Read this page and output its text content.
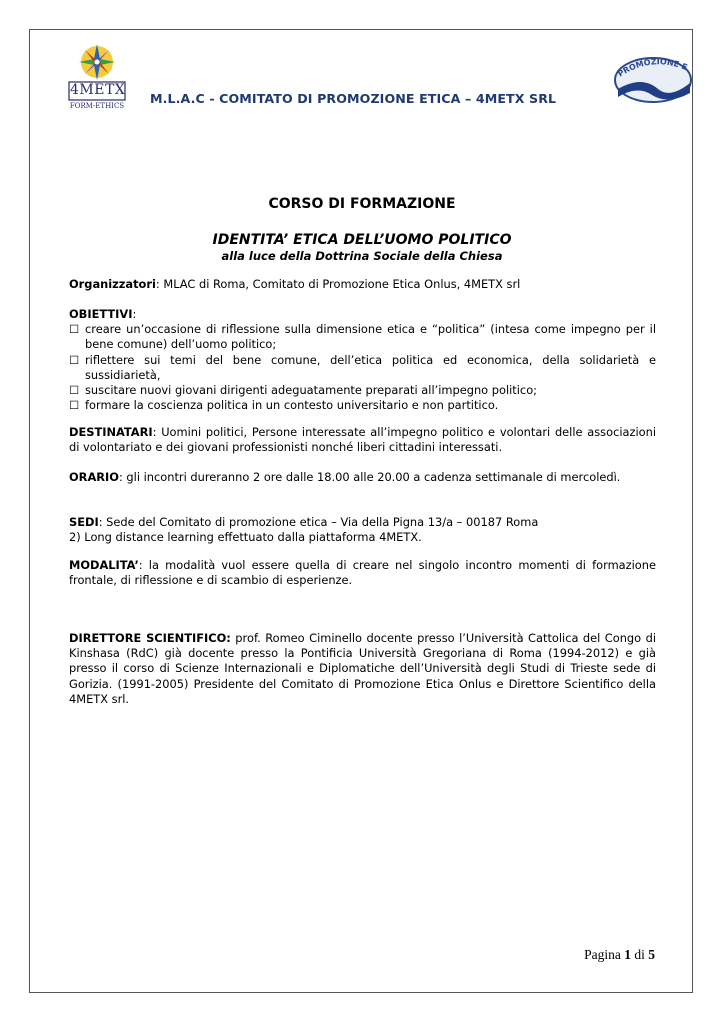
4METX
FORM-ETHICS
PROMOZIONE E
M.L.A.C - COMITATO DI PROMOZIONE ETICA – 4METX SRL
CORSO DI FORMAZIONE
IDENTITA’ ETICA DELL’UOMO POLITICO
alla luce della Dottrina Sociale della Chiesa
Organizzatori: MLAC di Roma, Comitato di Promozione Etica Onlus, 4METX srl
OBIETTIVI:
☐ creare un’occasione di riflessione sulla dimensione etica e “politica” (intesa come impegno per il bene comune) dell’uomo politico;
☐ riflettere sui temi del bene comune, dell’etica politica ed economica, della solidarietà e sussidiarietà,
☐ suscitare nuovi giovani dirigenti adeguatamente preparati all’impegno politico;
☐ formare la coscienza politica in un contesto universitario e non partitico.
DESTINATARI: Uomini politici, Persone interessate all’impegno politico e volontari delle associazioni di volontariato e dei giovani professionisti nonché liberi cittadini interessati.
ORARIO: gli incontri dureranno 2 ore dalle 18.00 alle 20.00 a cadenza settimanale di mercoledì.
SEDI: Sede del Comitato di promozione etica – Via della Pigna 13/a – 00187 Roma
2) Long distance learning effettuato dalla piattaforma 4METX.
MODALITA’: la modalità vuol essere quella di creare nel singolo incontro momenti di formazione frontale, di riflessione e di scambio di esperienze.
DIRETTORE SCIENTIFICO: prof. Romeo Ciminello docente presso l’Università Cattolica del Congo di Kinshasa (RdC) già docente presso la Pontificia Università Gregoriana di Roma (1994-2012) e già presso il corso di Scienze Internazionali e Diplomatiche dell’Università degli Studi di Trieste sede di Gorizia. (1991-2005) Presidente del Comitato di Promozione Etica Onlus e Direttore Scientifico della 4METX srl.
Pagina 1 di 5
